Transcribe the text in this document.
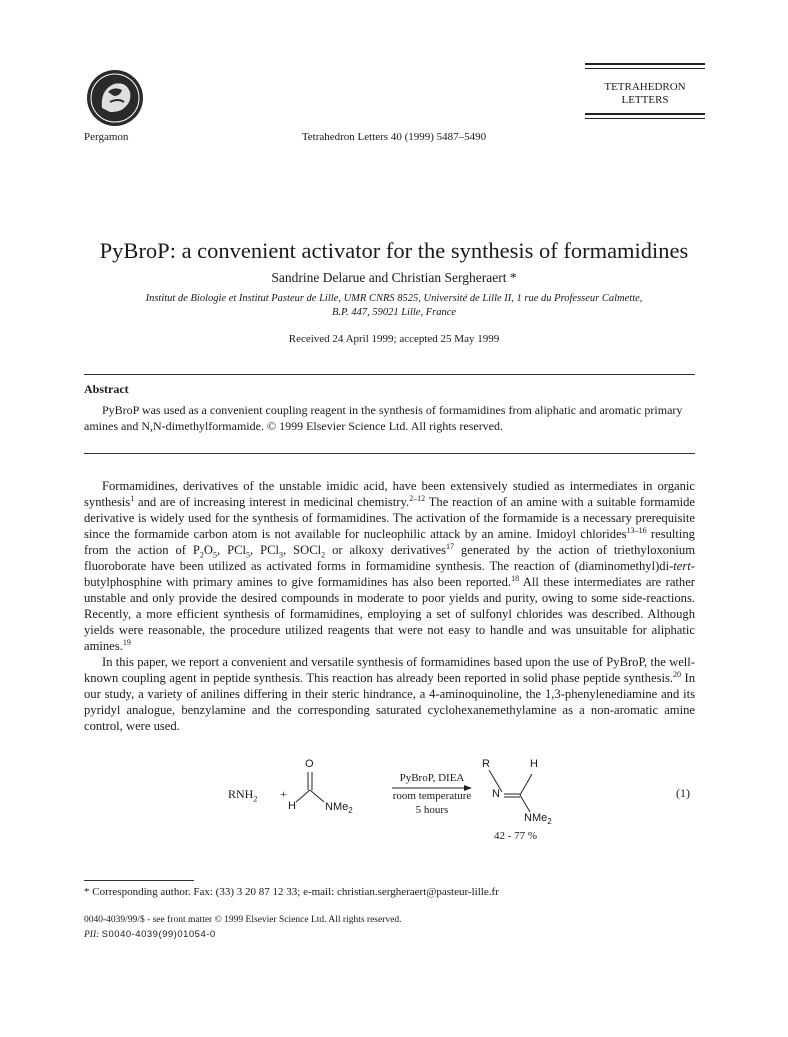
Pergamon	Tetrahedron Letters 40 (1999) 5487–5490
TETRAHEDRON
LETTERS
PyBroP: a convenient activator for the synthesis of formamidines
Sandrine Delarue and Christian Sergheraert *
Institut de Biologie et Institut Pasteur de Lille, UMR CNRS 8525, Université de Lille II, 1 rue du Professeur Calmette,
B.P. 447, 59021 Lille, France
Received 24 April 1999; accepted 25 May 1999
Abstract
PyBroP was used as a convenient coupling reagent in the synthesis of formamidines from aliphatic and aromatic primary amines and N,N-dimethylformamide. © 1999 Elsevier Science Ltd. All rights reserved.

Formamidines, derivatives of the unstable imidic acid, have been extensively studied as intermediates in organic synthesis$^1$ and are of increasing interest in medicinal chemistry.$^{2-12}$ The reaction of an amine with a suitable formamide derivative is widely used for the synthesis of formamidines. The activation of the formamide is a necessary prerequisite since the formamide carbon atom is not available for nucleophilic attack by an amine. Imidoyl chlorides$^{13-16}$ resulting from the action of $P_2O_5$, PCl$_5$, PCl$_3$, SOCl$_2$ or alkoxy derivatives$^{17}$ generated by the action of triethyloxonium fluoroborate have been utilized as activated forms in formamidine synthesis. The reaction of (diaminomethyl)di-tert-butylphosphine with primary amines to give formamidines has also been reported.$^{18}$ All these intermediates are rather unstable and only provide the desired compounds in moderate to poor yields and purity, owing to some side-reactions. Recently, a more efficient synthesis of formamidines, employing a set of sulfonyl chlorides was described. Although yields were reasonable, the procedure utilized reagents that were not easy to handle and was unsuitable for aliphatic amines.$^{19}$

In this paper, we report a convenient and versatile synthesis of formamidines based upon the use of PyBroP, the well-known coupling agent in peptide synthesis. This reaction has already been reported in solid phase peptide synthesis.$^{20}$ In our study, a variety of anilines differing in their steric hindrance, a 4-aminoquinoline, the 1,3-phenylenediamine and its pyridyl analogue, benzylamine and the corresponding saturated cyclohexanemethylamine as a non-aromatic amine control, were used.

$RNH_2$ +
O
H	NMe$_2$
PyBroP, DIEA
room temperature
5 hours
R
N
H
NMe$_2$
42 - 77 %
(1)
* Corresponding author. Fax: (33) 3 20 87 12 33; e-mail: christian.sergheraert@pasteur-lille.fr
0040-4039/99/$ - see front matter © 1999 Elsevier Science Ltd. All rights reserved.
PII: S0040-4039(99)01054-0
